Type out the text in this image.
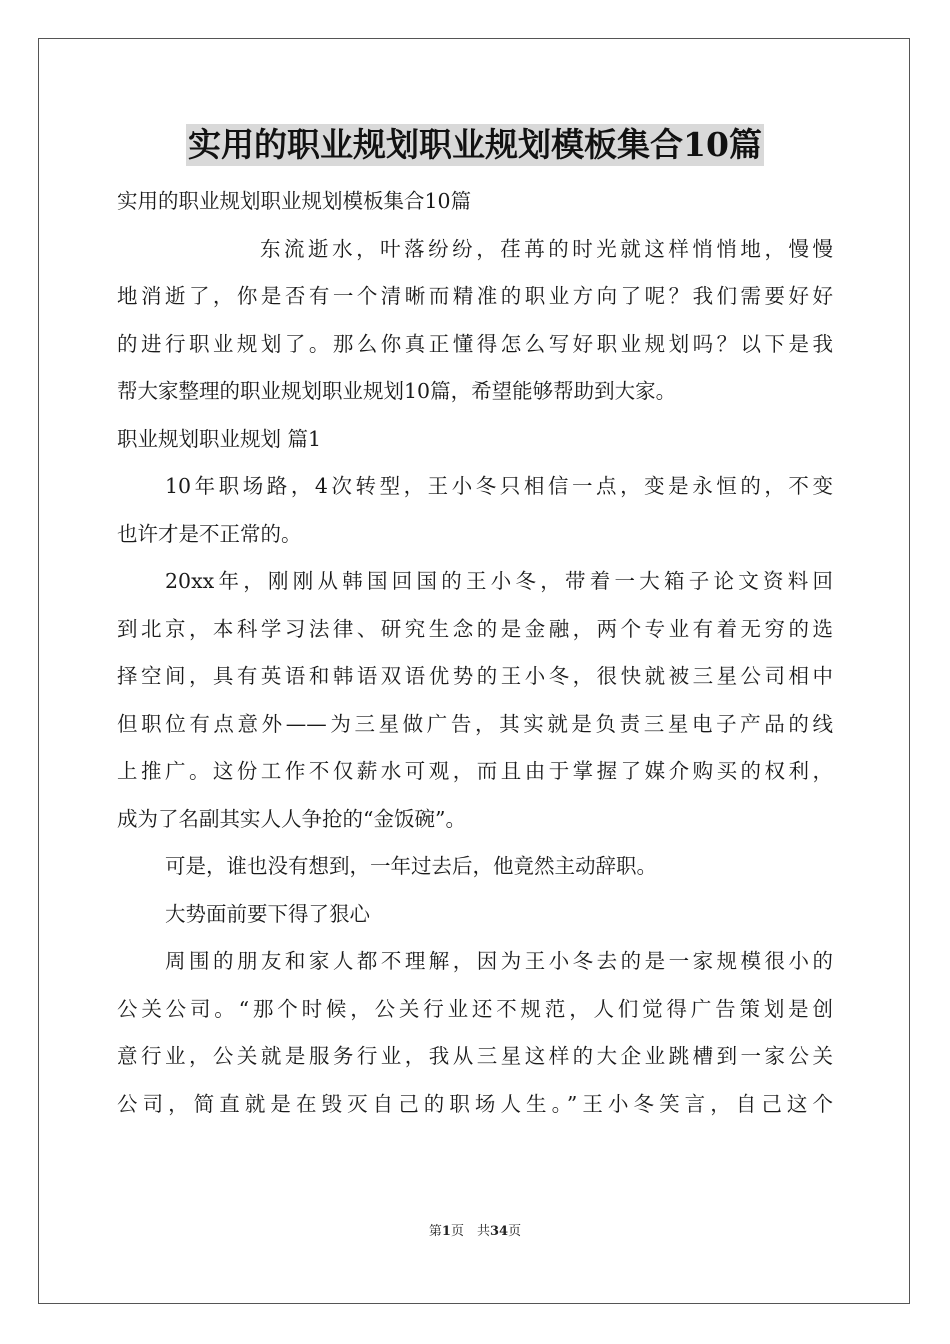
实用的职业规划职业规划模板集合10篇
实用的职业规划职业规划模板集合10篇
东流逝水，叶落纷纷，荏苒的时光就这样悄悄地，慢慢
地消逝了，你是否有一个清晰而精准的职业方向了呢？我们需要好好
的进行职业规划了。那么你真正懂得怎么写好职业规划吗？以下是我
帮大家整理的职业规划职业规划10篇，希望能够帮助到大家。
职业规划职业规划 篇1
10年职场路，4次转型，王小冬只相信一点，变是永恒的，不变
也许才是不正常的。
20xx年，刚刚从韩国回国的王小冬，带着一大箱子论文资料回
到北京，本科学习法律、研究生念的是金融，两个专业有着无穷的选
择空间，具有英语和韩语双语优势的王小冬，很快就被三星公司相中
但职位有点意外——为三星做广告，其实就是负责三星电子产品的线
上推广。这份工作不仅薪水可观，而且由于掌握了媒介购买的权利，
成为了名副其实人人争抢的“金饭碗”。
可是，谁也没有想到，一年过去后，他竟然主动辞职。
大势面前要下得了狠心
周围的朋友和家人都不理解，因为王小冬去的是一家规模很小的
公关公司。“那个时候，公关行业还不规范，人们觉得广告策划是创
意行业，公关就是服务行业，我从三星这样的大企业跳槽到一家公关
公司，简直就是在毁灭自己的职场人生。”王小冬笑言，自己这个
第1页　共34页
